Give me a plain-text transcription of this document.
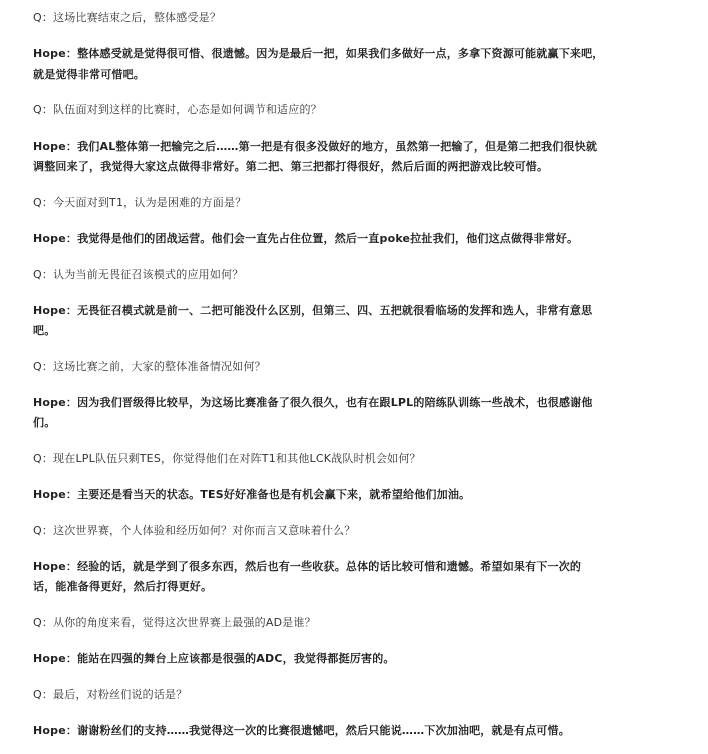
Q：这场比赛结束之后，整体感受是？
Hope：整体感受就是觉得很可惜、很遗憾。因为是最后一把，如果我们多做好一点，多拿下资源可能就赢下来吧，
就是觉得非常可惜吧。
Q：队伍面对到这样的比赛时，心态是如何调节和适应的？
Hope：我们AL整体第一把输完之后……第一把是有很多没做好的地方，虽然第一把输了，但是第二把我们很快就
调整回来了，我觉得大家这点做得非常好。第二把、第三把都打得很好，然后后面的两把游戏比较可惜。
Q：今天面对到T1，认为是困难的方面是？
Hope：我觉得是他们的团战运营。他们会一直先占住位置，然后一直poke拉扯我们，他们这点做得非常好。
Q：认为当前无畏征召该模式的应用如何？
Hope：无畏征召模式就是前一、二把可能没什么区别，但第三、四、五把就很看临场的发挥和选人，非常有意思
吧。
Q：这场比赛之前，大家的整体准备情况如何？
Hope：因为我们晋级得比较早，为这场比赛准备了很久很久，也有在跟LPL的陪练队训练一些战术，也很感谢他
们。
Q：现在LPL队伍只剩TES，你觉得他们在对阵T1和其他LCK战队时机会如何？
Hope：主要还是看当天的状态。TES好好准备也是有机会赢下来，就希望给他们加油。
Q：这次世界赛，个人体验和经历如何？对你而言又意味着什么？
Hope：经验的话，就是学到了很多东西，然后也有一些收获。总体的话比较可惜和遗憾。希望如果有下一次的
话，能准备得更好，然后打得更好。
Q：从你的角度来看，觉得这次世界赛上最强的AD是谁？
Hope：能站在四强的舞台上应该都是很强的ADC，我觉得都挺厉害的。
Q：最后，对粉丝们说的话是？
Hope：谢谢粉丝们的支持……我觉得这一次的比赛很遗憾吧，然后只能说……下次加油吧，就是有点可惜。
